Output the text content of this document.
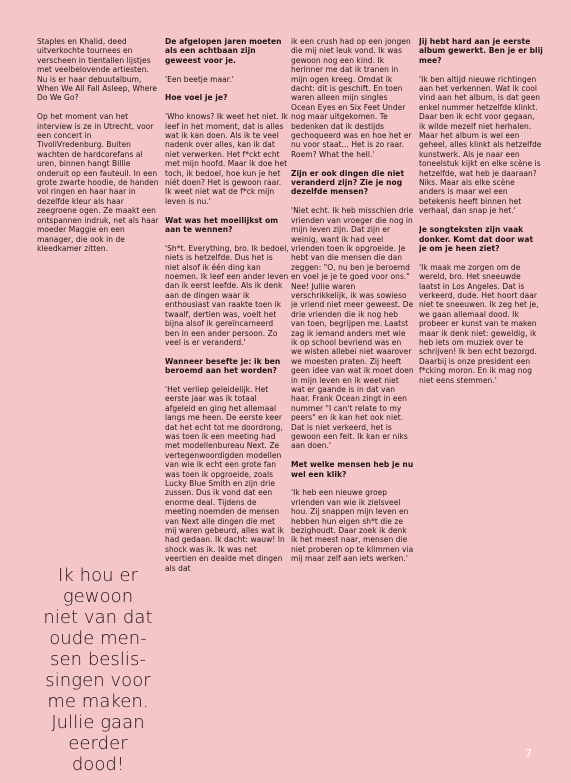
Staples en Khalid, deed uitverkochte tournees en verscheen in tientallen lijstjes met veelbelovende artiesten. Nu is er haar debuutalbum, When We All Fall Asleep, Where Do We Go?

Op het moment van het interview is ze in Utrecht, voor een concert in TivoliVredenburg. Buiten wachten de hardcorefans al uren, binnen hangt Billie onderuit op een fauteuil. In een grote zwarte hoodie, de handen vol ringen en haar haar in dezelfde kleur als haar zeegroene ogen. Ze maakt een ontspannen indruk, net als haar moeder Maggie en een manager, die ook in de kleedkamer zitten.

Ik hou er
gewoon
niet van dat
oude men-
sen beslis-
singen voor
me maken.
Jullie gaan
eerder
dood!

De afgelopen jaren moeten als een achtbaan zijn geweest voor je.

'Een beetje maar.'

Hoe voel je je?

'Who knows? Ik weet het niet. Ik leef in het moment, dat is alles wat ik kan doen. Als ik te veel nadenk over alles, kan ik dat niet verwerken. Het f*ckt echt met mijn hoofd. Maar ik doe het toch, ik bedoel, hoe kun je het níét doen? Het is gewoon raar. Ik weet niet wat de f*ck mijn leven is nu.'

Wat was het moeilijkst om aan te wennen?

'Sh*t. Everything, bro. Ik bedoel, niets is hetzelfde. Dus het is niet alsof ik één ding kan noemen. Ik leef een ander leven dan ik eerst leefde. Als ik denk aan de dingen waar ik enthousiast van raakte toen ik twaalf, dertien was, voelt het bijna alsof ik gereïncarneerd ben in een ander persoon. Zo veel is er veranderd.'

Wanneer besefte je: ik ben beroemd aan het worden?

'Het verliep geleidelijk. Het eerste jaar was ik totaal afgeleid en ging het allemaal langs me heen. De eerste keer dat het echt tot me doordrong, was toen ik een meeting had met modellenbureau Next. Ze vertegenwoordigden modellen van wie ik echt een grote fan was toen ik opgroeide, zoals Lucky Blue Smith en zijn drie zussen. Dus ik vond dat een enorme deal. Tijdens de meeting noemden de mensen van Next alle dingen die met mij waren gebeurd, alles wat ik had gedaan. Ik dacht: wauw! In shock was ik. Ik was net veertien en dealde met dingen als dat

ik een crush had op een jongen die mij niet leuk vond. Ik was gewoon nog een kind. Ik herinner me dat ik tranen in mijn ogen kreeg. Omdat ik dacht: dit is geschift. En toen waren alleen mijn singles Ocean Eyes en Six Feet Under nog maar uitgekomen. Te bedenken dat ik destijds gechoqueerd was en hoe het er nu voor staat... Het is zo raar. Roem? What the hell.'

Zijn er ook dingen die niet veranderd zijn? Zie je nog dezelfde mensen?

'Niet echt. Ik heb misschien drie vrienden van vroeger die nog in mijn leven zijn. Dat zijn er weinig, want ik had veel vrienden toen ik opgroeide. Je hebt van die mensen die dan zeggen: "O, nu ben je beroemd en voel je je te goed voor ons." Nee! Jullie waren verschrikkelijk, ik was sowieso je vriend niet meer geweest. De drie vrienden die ik nog heb van toen, begrijpen me. Laatst zag ik iemand anders met wie ik op school bevriend was en we wisten allebei niet waarover we moesten praten. Zij heeft geen idee van wat ik moet doen in mijn leven en ik weet niet wat er gaande is in dat van haar. Frank Ocean zingt in een nummer "I can't relate to my peers" en ik kan het ook niet. Dat is niet verkeerd, het is gewoon een feit. Ik kan er niks aan doen.'

Met welke mensen heb je nu wel een klik?

'Ik heb een nieuwe groep vrienden van wie ik zielsveel hou. Zij snappen mijn leven en hebben hun eigen sh*t die ze bezighoudt. Daar zoek ik denk ik het meest naar, mensen die niet proberen op te klimmen via mij maar zelf aan iets werken.'

Jij hebt hard aan je eerste album gewerkt. Ben je er blij mee?

'Ik ben altijd nieuwe richtingen aan het verkennen. Wat ik cool vind aan het album, is dat geen enkel nummer hetzelfde klinkt. Daar ben ik echt voor gegaan, ik wilde mezelf niet herhalen. Maar het album is wel een geheel, alles klinkt als hetzelfde kunstwerk. Als je naar een toneelstuk kijkt en elke scène is hetzelfde, wat heb je daaraan? Niks. Maar als elke scène anders is maar wel een betekenis heeft binnen het verhaal, dan snap je het.'

Je songteksten zijn vaak donker. Komt dat door wat je om je heen ziet?

'Ik maak me zorgen om de wereld, bro. Het sneeuwde laatst in Los Angeles. Dat is verkeerd, dude. Het hoort daar niet te sneeuwen. Ik zeg het je, we gaan allemaal dood. Ik probeer er kunst van te maken maar ik denk niet: geweldig, ik heb iets om muziek over te schrijven! Ik ben echt bezorgd. Daarbij is onze president een f*cking moron. En ik mag nog niet eens stemmen.'

7
